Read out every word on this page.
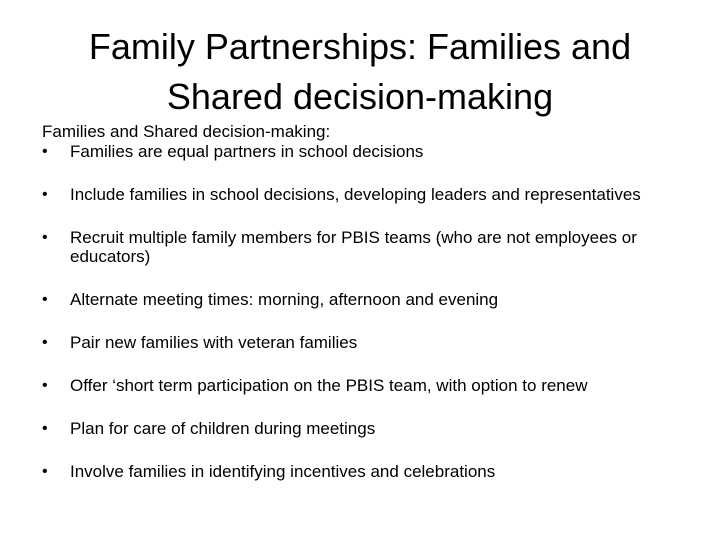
Family Partnerships: Families and
Shared decision-making

Families and Shared decision-making:

•	Families are equal partners in school decisions
•	Include families in school decisions, developing leaders and representatives
•	Recruit multiple family members for PBIS teams (who are not employees or educators)
•	Alternate meeting times: morning, afternoon and evening
•	Pair new families with veteran families
•	Offer ‘short term participation on the PBIS team, with option to renew
•	Plan for care of children during meetings
•	Involve families in identifying incentives and celebrations
